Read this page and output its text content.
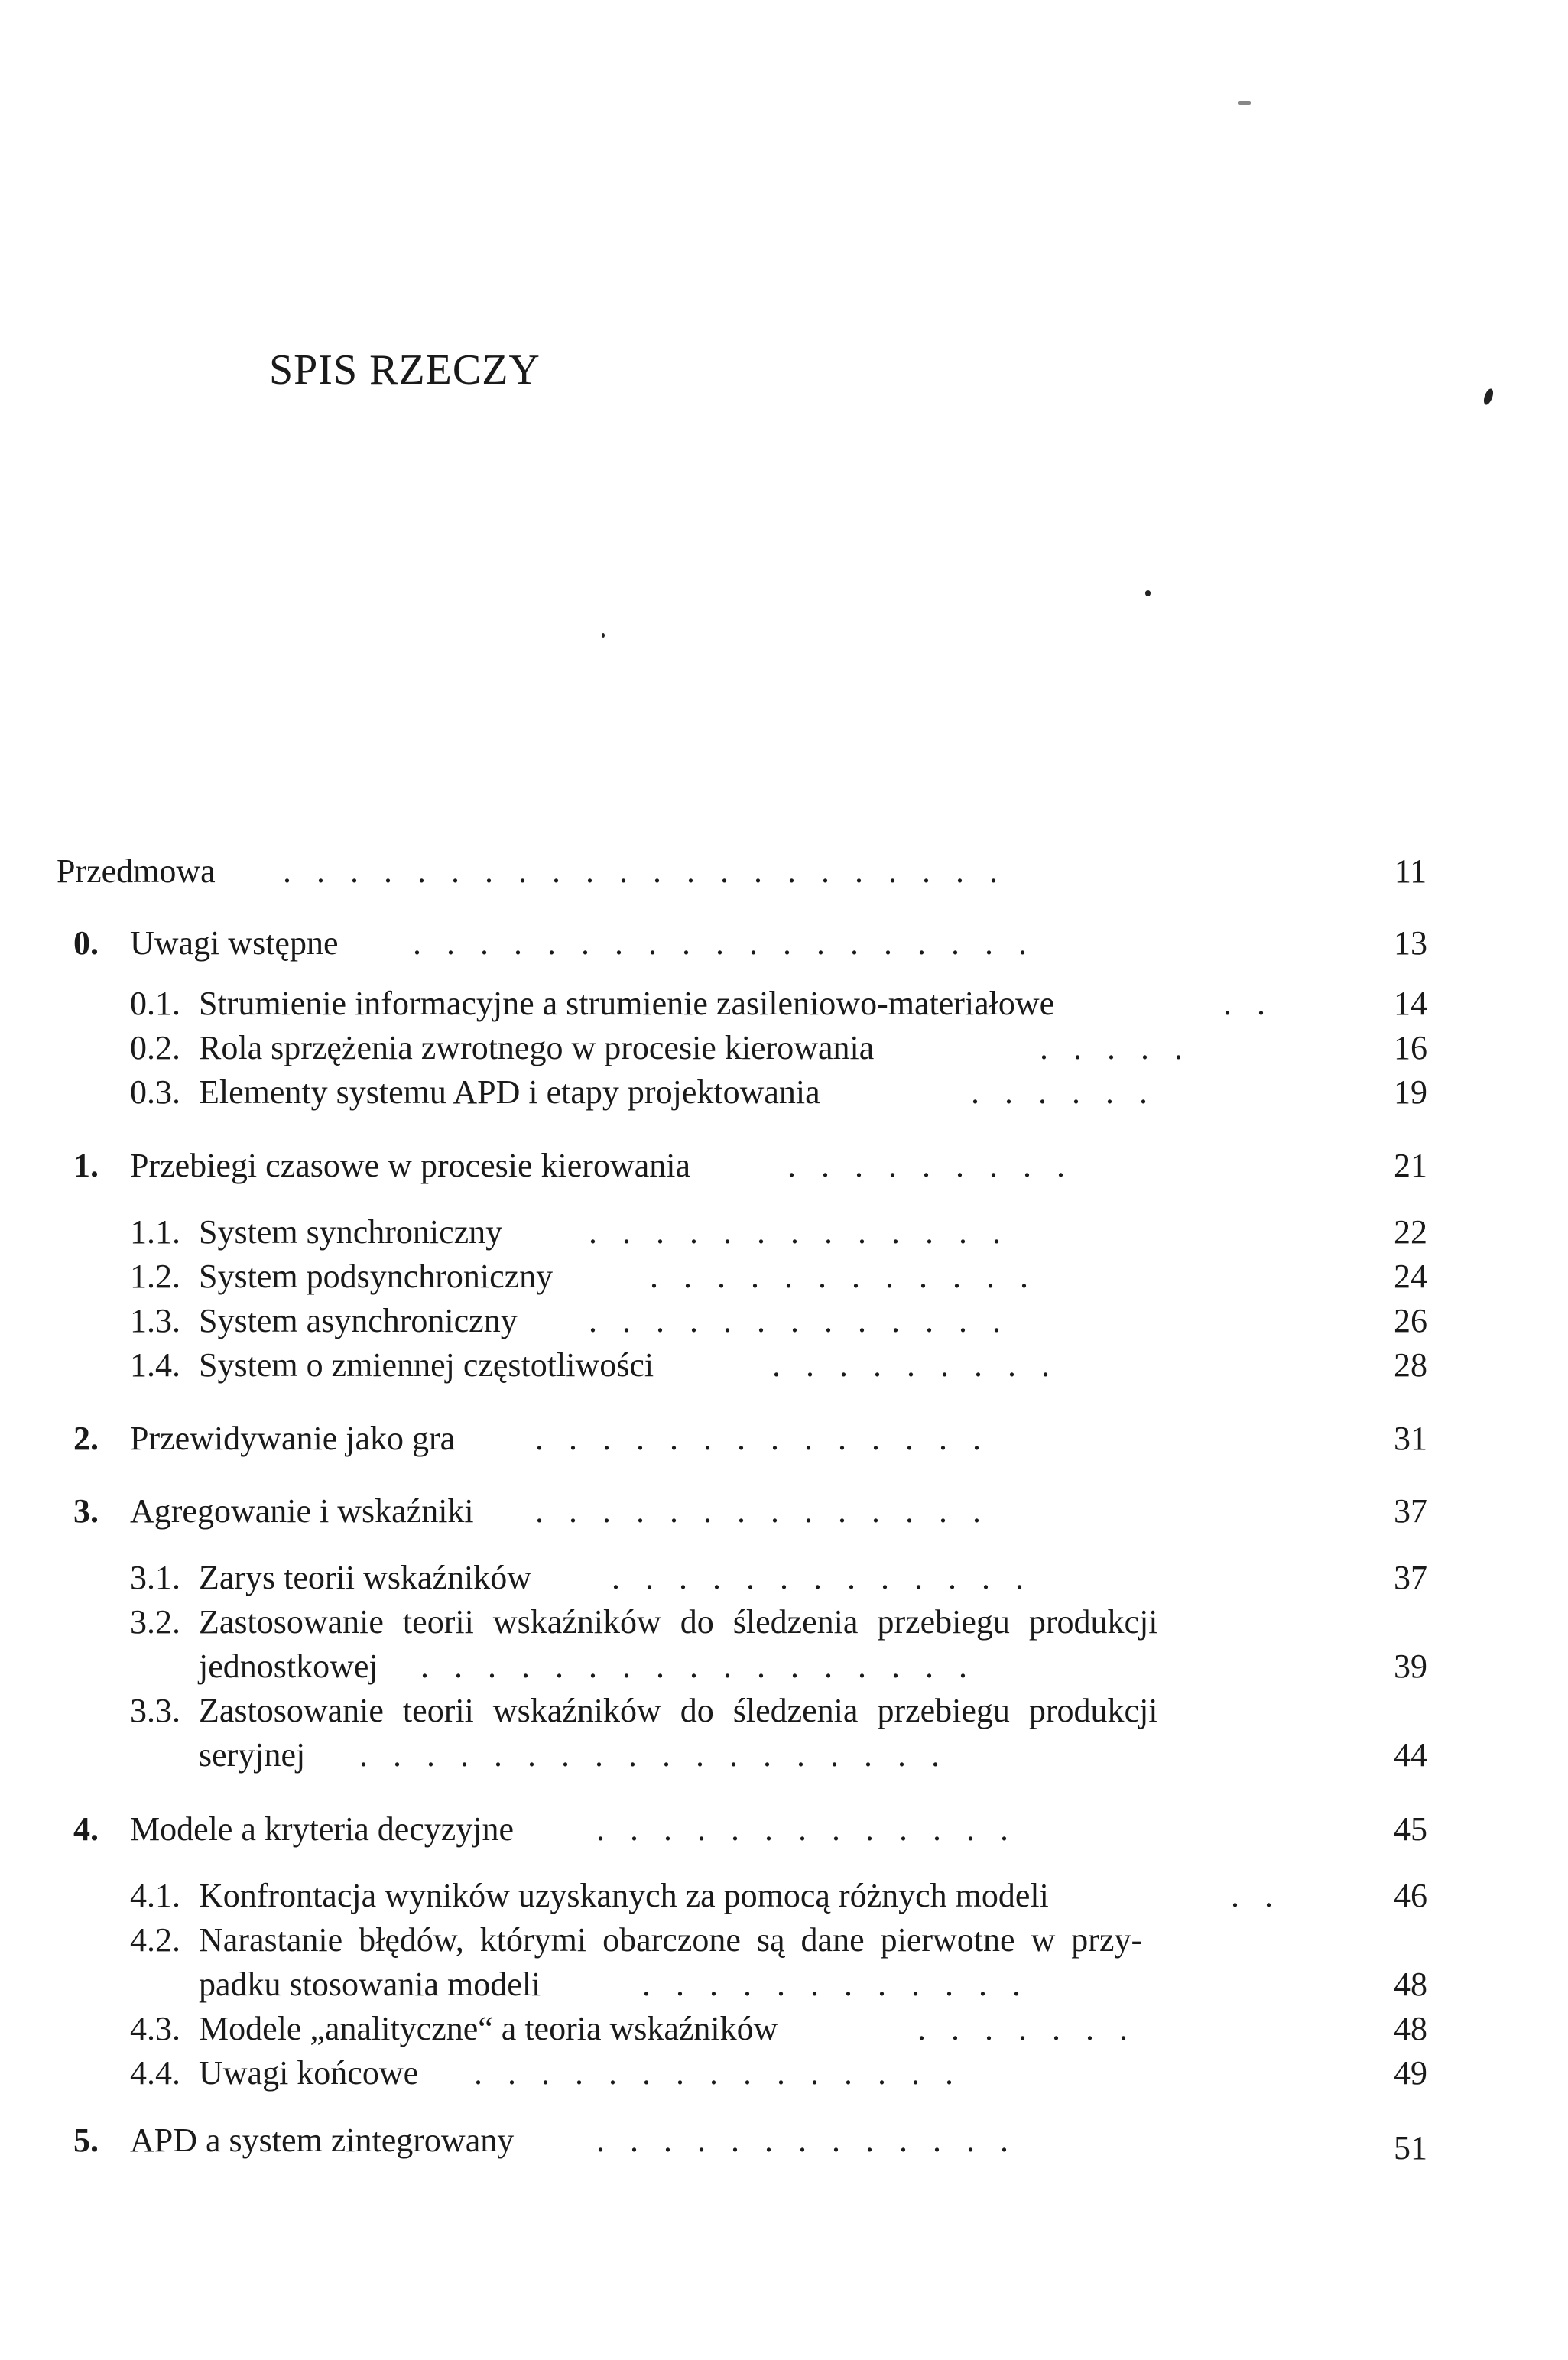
SPIS RZECZY
Przedmowa .   .   .   .   .   .   .   .   .   .   .   .   .   .   .   .   .   .   .   .   .   .	11
0. Uwagi wstępne .   .   .   .   .   .   .   .   .   .   .   .   .   .   .   .   .   .   .	13
0.1. Strumienie informacyjne a strumienie zasileniowo-materiałowe	.   .	14
0.2. Rola sprzężenia zwrotnego w procesie kierowania	.   .   .   .   .	16
0.3. Elementy systemu APD i etapy projektowania	.   .   .   .   .   .	19
1. Przebiegi czasowe w procesie kierowania	.   .   .   .   .   .   .   .   .	21
1.1. System synchroniczny	.   .   .   .   .   .   .   .   .   .   .   .   .	22
1.2. System podsynchroniczny	.   .   .   .   .   .   .   .   .   .   .   .	24
1.3. System asynchroniczny .   .   .   .   .   .   .   .   .   .   .   .   .	26
1.4. System o zmiennej częstotliwości	.   .   .   .   .   .   .   .   .	28
2. Przewidywanie jako gra .   .   .   .   .   .   .   .   .   .   .   .   .   .	31
3. Agregowanie i wskaźniki .   .   .   .   .   .   .   .   .   .   .   .   .   .	37
3.1. Zarys teorii wskaźników .   .   .   .   .   .   .   .   .   .   .   .   .	37
3.2. Zastosowanie teorii wskaźników do śledzenia przebiegu produkcji
jednostkowej .   .   .   .   .   .   .   .   .   .   .   .   .   .   .   .   .	39
3.3. Zastosowanie teorii wskaźników do śledzenia przebiegu produkcji
seryjnej .   .   .   .   .   .   .   .   .   .   .   .   .   .   .   .   .   .	44
4. Modele a kryteria decyzyjne .   .   .   .   .   .   .   .   .   .   .   .   .	45
4.1. Konfrontacja wyników uzyskanych za pomocą różnych modeli	.   .	46
4.2. Narastanie błędów, którymi obarczone są dane pierwotne w przy-
padku stosowania modeli	.   .   .   .   .   .   .   .   .   .   .   .	48
4.3. Modele „analityczne“ a teoria wskaźników	.   .   .   .   .   .   .	48
4.4. Uwagi końcowe .   .   .   .   .   .   .   .   .   .   .   .   .   .   .	49
5. APD a system zintegrowany .   .   .   .   .   .   .   .   .   .   .   .   .	51
